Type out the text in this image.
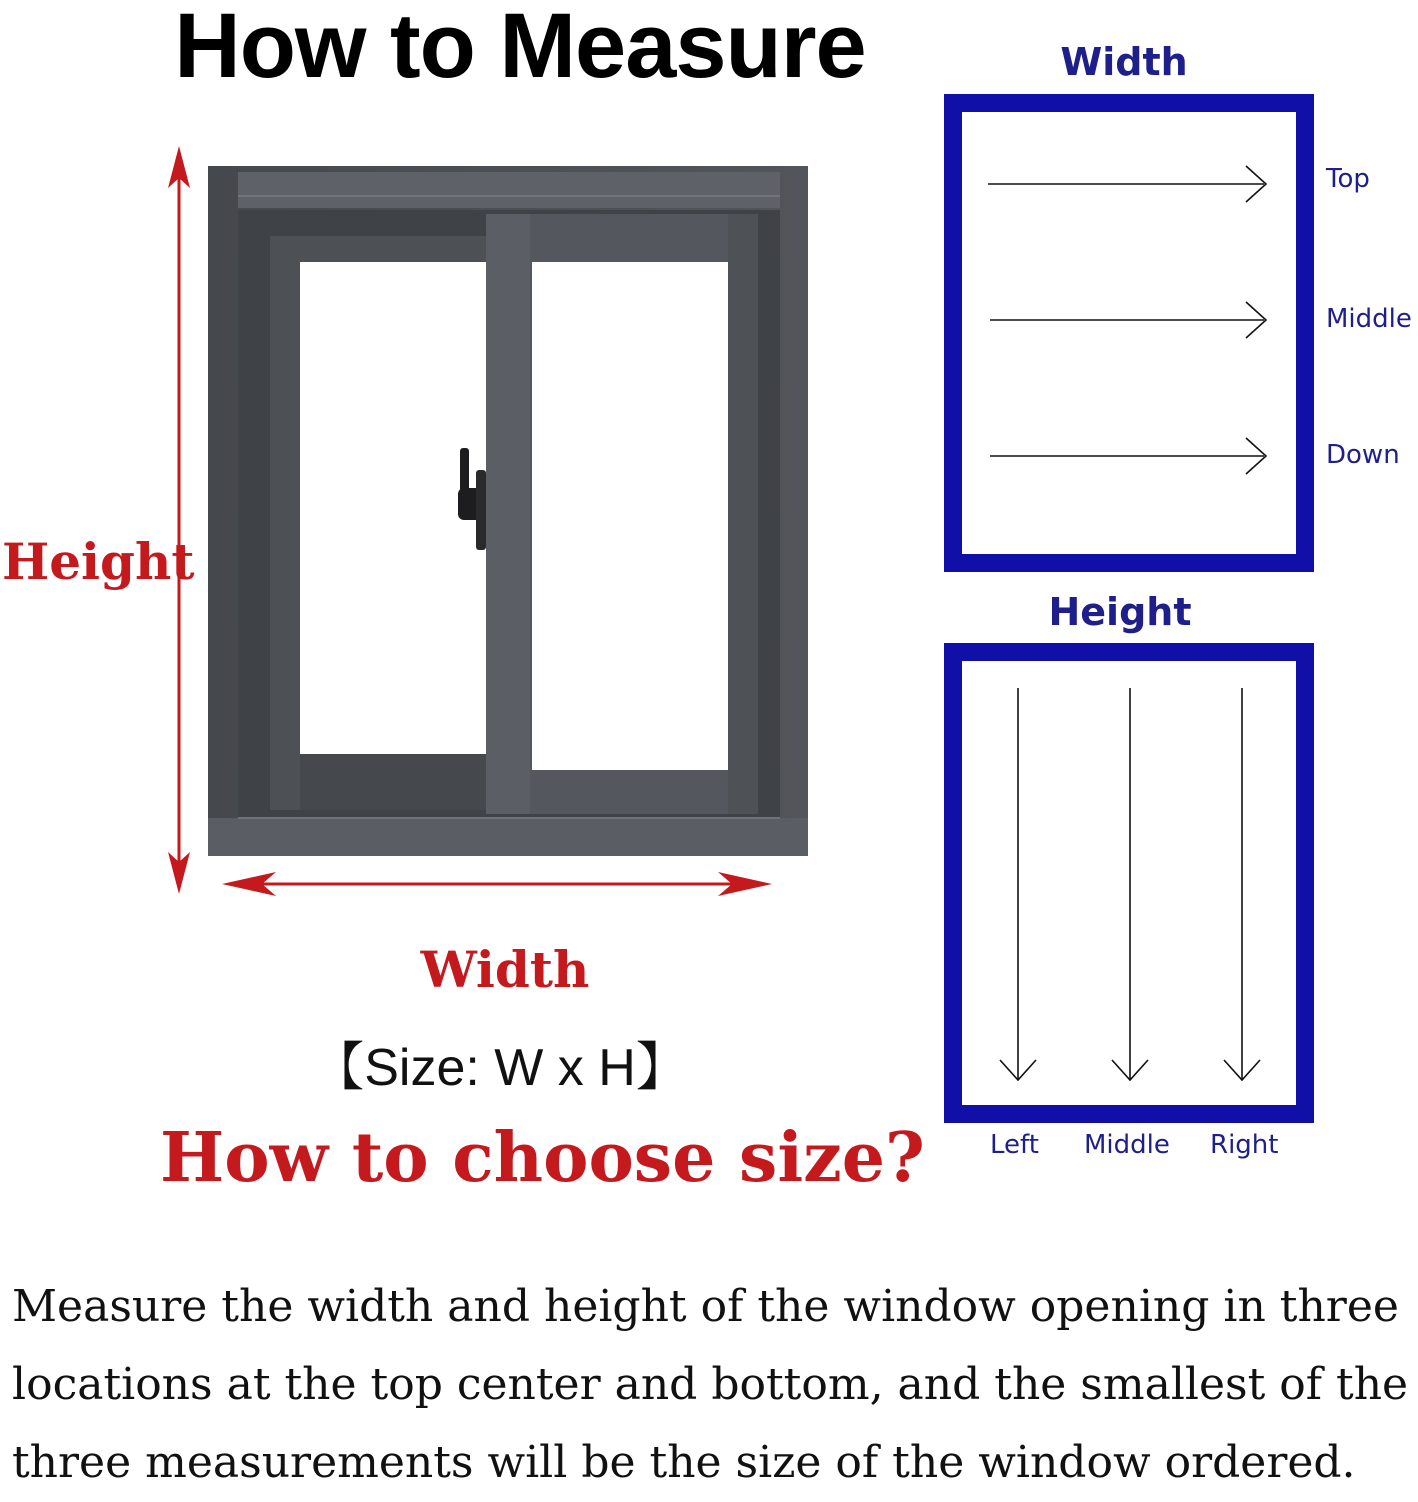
How to Measure
Height
Width
【Size: W x H】
How to choose size?
Width
Top
Middle
Down
Height
Left Middle Right
Measure the width and height of the window opening in three
locations at the top center and bottom, and the smallest of the
three measurements will be the size of the window ordered.
